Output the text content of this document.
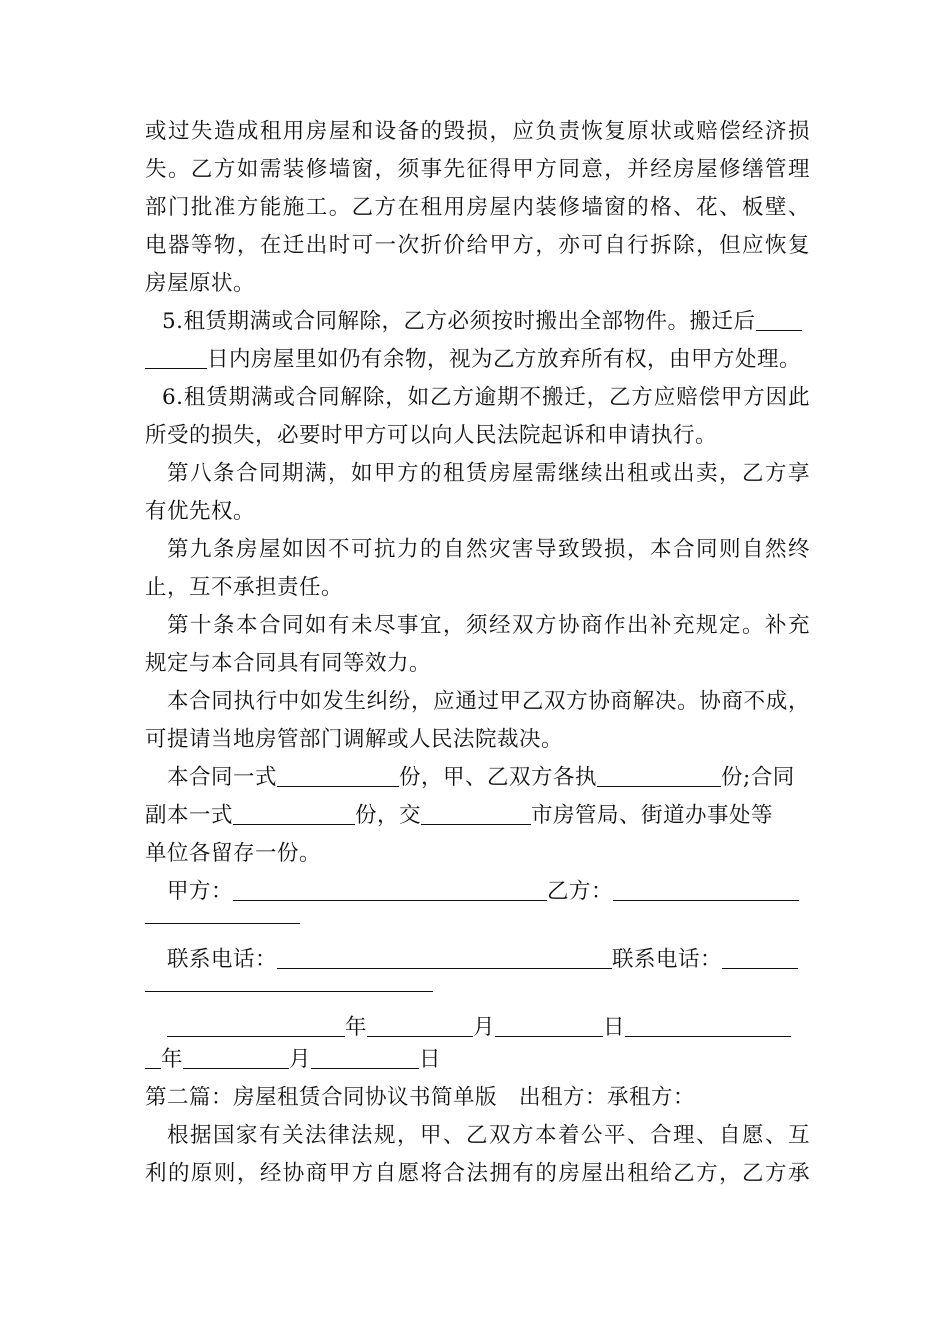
或过失造成租用房屋和设备的毁损，应负责恢复原状或赔偿经济损
失。乙方如需装修墙窗，须事先征得甲方同意，并经房屋修缮管理
部门批准方能施工。乙方在租用房屋内装修墙窗的格、花、板壁、
电器等物，在迁出时可一次折价给甲方，亦可自行拆除，但应恢复
房屋原状。
5.租赁期满或合同解除，乙方必须按时搬出全部物件。搬迁后
日内房屋里如仍有余物，视为乙方放弃所有权，由甲方处理。
6.租赁期满或合同解除，如乙方逾期不搬迁，乙方应赔偿甲方因此
所受的损失，必要时甲方可以向人民法院起诉和申请执行。
第八条合同期满，如甲方的租赁房屋需继续出租或出卖，乙方享
有优先权。
第九条房屋如因不可抗力的自然灾害导致毁损，本合同则自然终
止，互不承担责任。
第十条本合同如有未尽事宜，须经双方协商作出补充规定。补充
规定与本合同具有同等效力。
本合同执行中如发生纠纷，应通过甲乙双方协商解决。协商不成，
可提请当地房管部门调解或人民法院裁决。
本合同一式	份，甲、乙双方各执	份;合同
副本一式	份，交	市房管局、街道办事处等
单位各留存一份。
甲方：	乙方：
联系电话：	联系电话：
年	月	日
年	月	日
第二篇：房屋租赁合同协议书简单版　出租方：承租方：
根据国家有关法律法规，甲、乙双方本着公平、合理、自愿、互
利的原则，经协商甲方自愿将合法拥有的房屋出租给乙方，乙方承
